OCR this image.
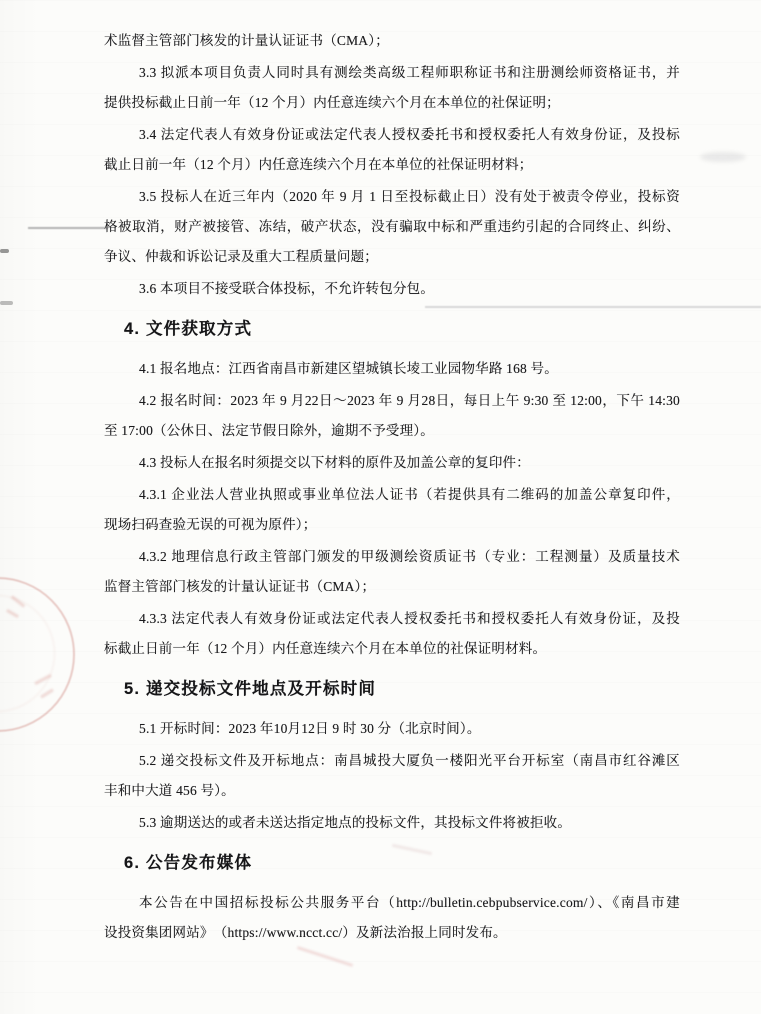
术监督主管部门核发的计量认证证书（CMA）；
3.3 拟派本项目负责人同时具有测绘类高级工程师职称证书和注册测绘师资格证书，并
提供投标截止日前一年（12 个月）内任意连续六个月在本单位的社保证明；
3.4 法定代表人有效身份证或法定代表人授权委托书和授权委托人有效身份证，及投标
截止日前一年（12 个月）内任意连续六个月在本单位的社保证明材料；
3.5 投标人在近三年内（2020 年 9 月 1 日至投标截止日）没有处于被责令停业，投标资
格被取消，财产被接管、冻结，破产状态，没有骗取中标和严重违约引起的合同终止、纠纷、
争议、仲裁和诉讼记录及重大工程质量问题；
3.6 本项目不接受联合体投标，不允许转包分包。
4. 文件获取方式
4.1 报名地点：江西省南昌市新建区望城镇长堎工业园物华路 168 号。
4.2 报名时间：2023 年 9 月22日～2023 年 9 月28日，每日上午 9:30 至 12:00，下午 14:30
至 17:00（公休日、法定节假日除外，逾期不予受理）。
4.3 投标人在报名时须提交以下材料的原件及加盖公章的复印件：
4.3.1 企业法人营业执照或事业单位法人证书（若提供具有二维码的加盖公章复印件，
现场扫码查验无误的可视为原件）；
4.3.2 地理信息行政主管部门颁发的甲级测绘资质证书（专业：工程测量）及质量技术
监督主管部门核发的计量认证证书（CMA）；
4.3.3 法定代表人有效身份证或法定代表人授权委托书和授权委托人有效身份证，及投
标截止日前一年（12 个月）内任意连续六个月在本单位的社保证明材料。
5. 递交投标文件地点及开标时间
5.1 开标时间：2023 年10月12日 9 时 30 分（北京时间）。
5.2 递交投标文件及开标地点：南昌城投大厦负一楼阳光平台开标室（南昌市红谷滩区
丰和中大道 456 号）。
5.3 逾期送达的或者未送达指定地点的投标文件，其投标文件将被拒收。
6. 公告发布媒体
本公告在中国招标投标公共服务平台（http://bulletin.cebpubservice.com/）、《南昌市建
设投资集团网站》　（https://www.ncct.cc/）及新法治报上同时发布。
